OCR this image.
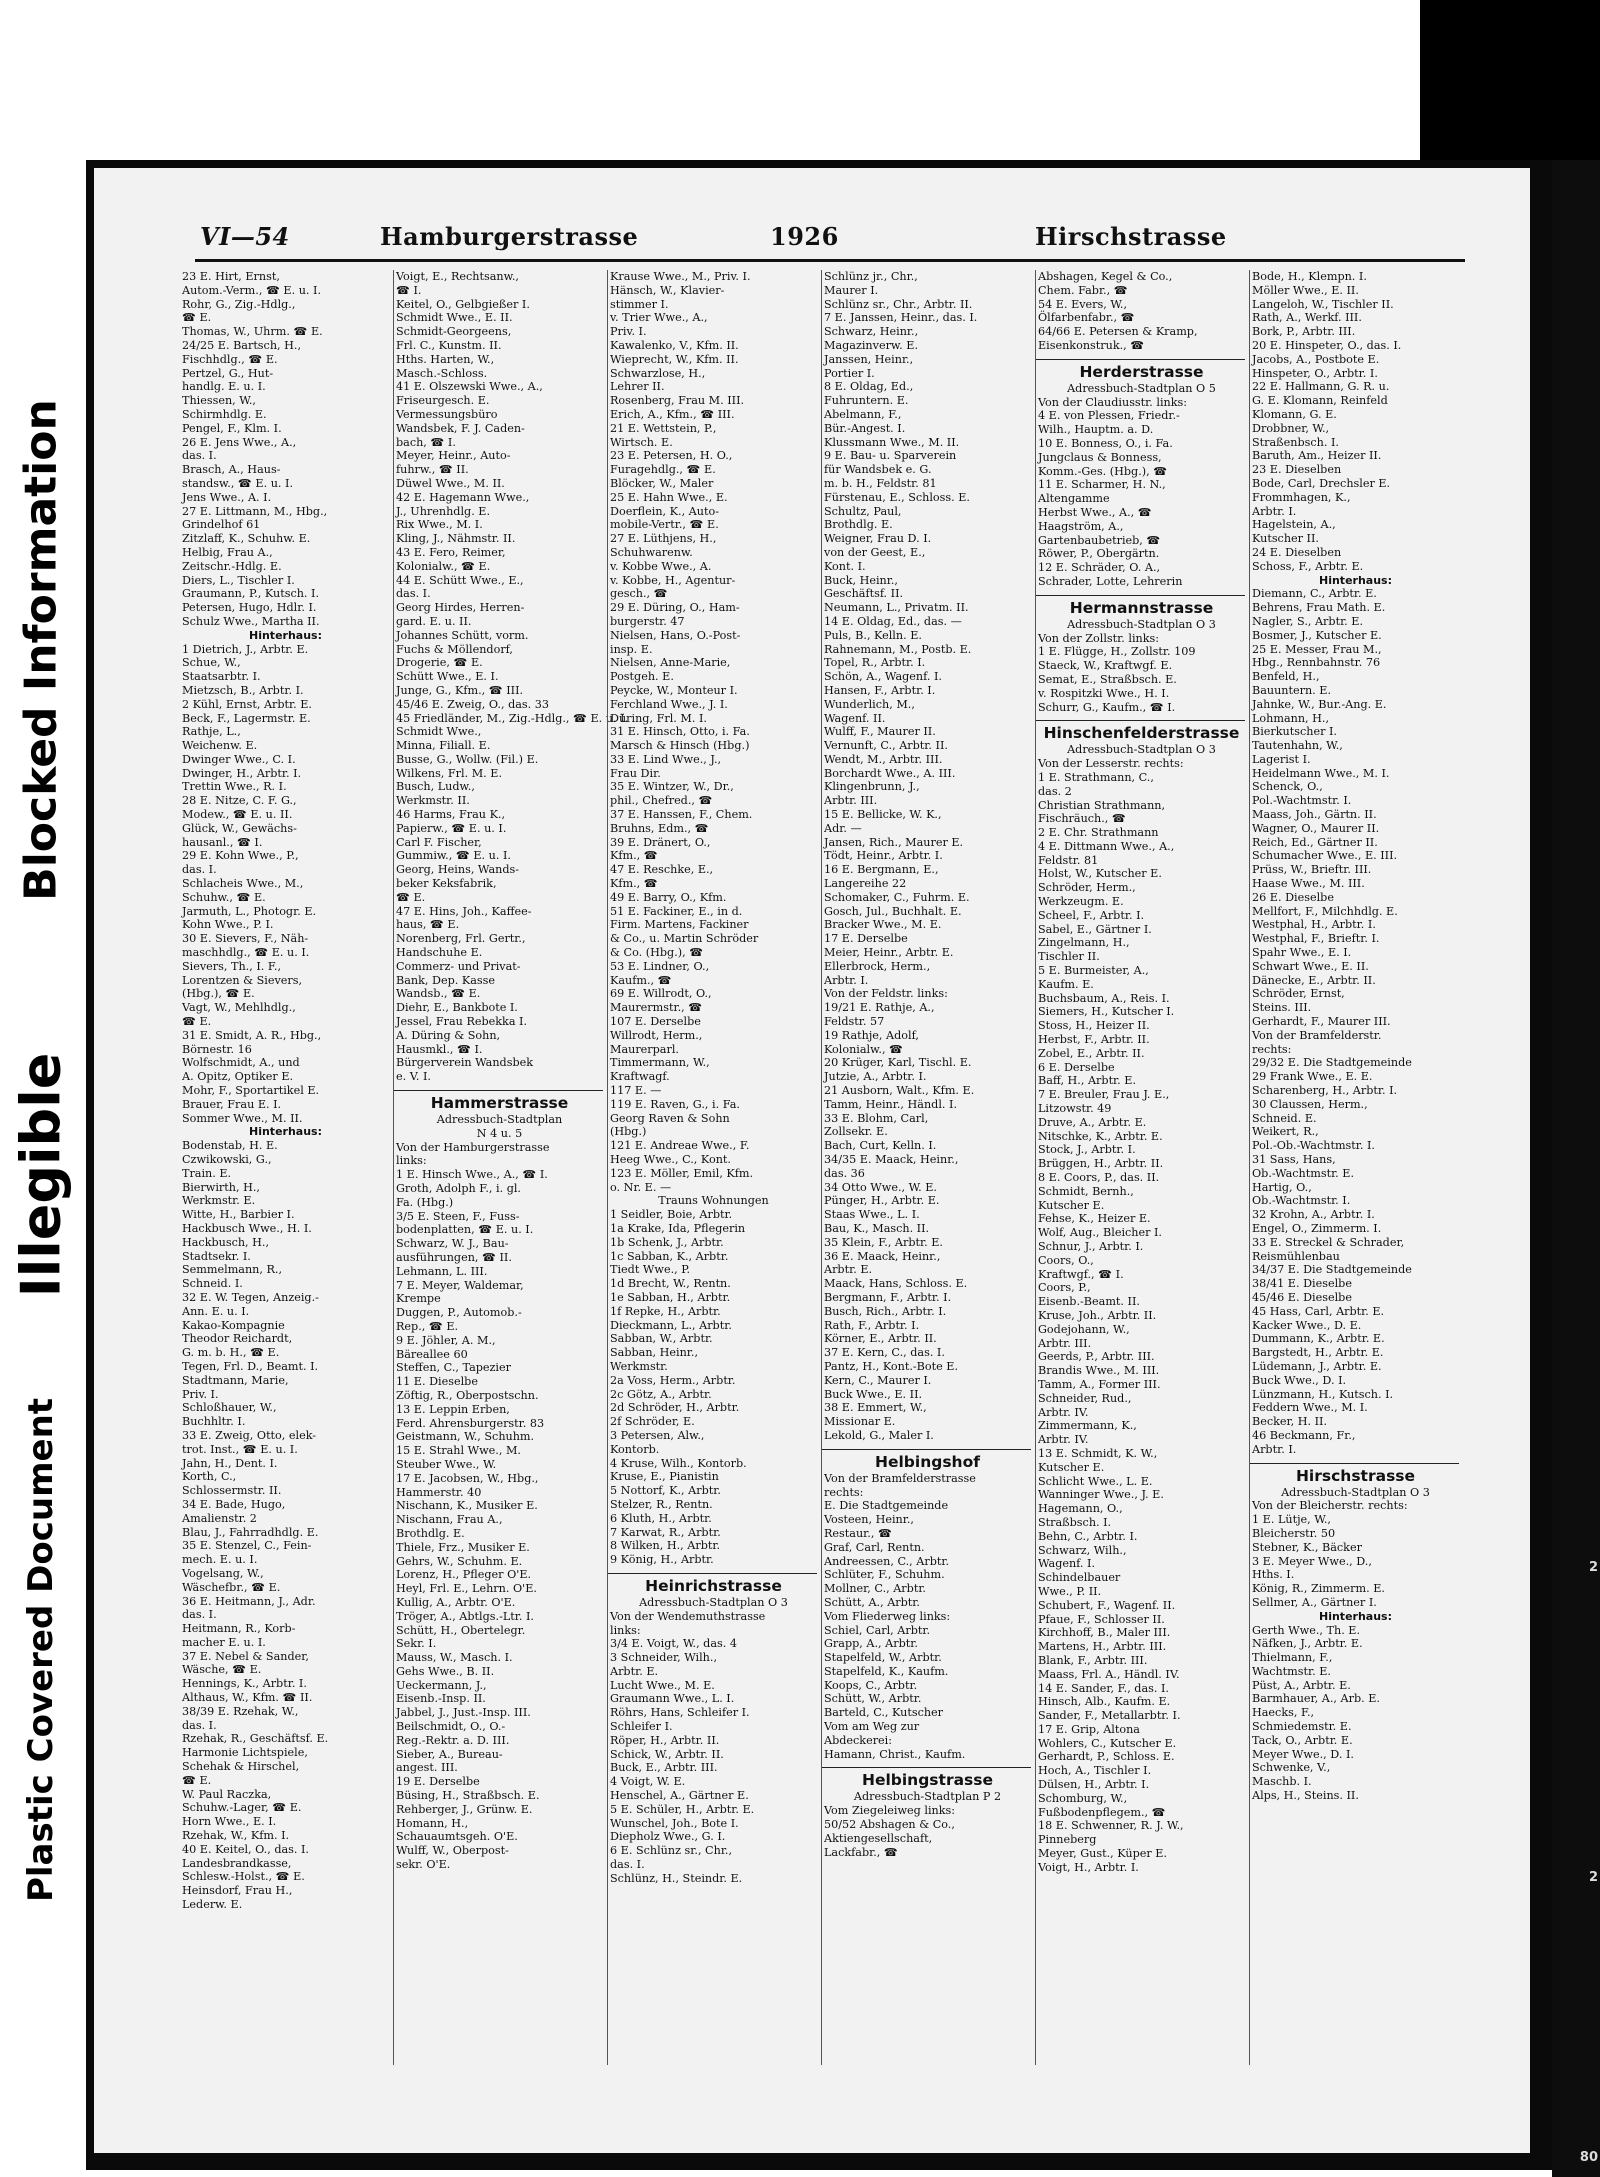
Blocked Information
Illegible
Plastic Covered Document	2
2
80
VI—54	Hamburgerstrasse	1926	Hirschstrasse
23 E. Hirt, Ernst,
Autom.-Verm., ☎ E. u. I.
Rohr, G., Zig.-Hdlg.,
☎ E.
Thomas, W., Uhrm. ☎ E.
24/25 E. Bartsch, H.,
Fischhdlg., ☎ E.
Pertzel, G., Hut-
handlg. E. u. I.
Thiessen, W.,
Schirmhdlg. E.
Pengel, F., Klm. I.
26 E. Jens Wwe., A.,
das. I.
Brasch, A., Haus-
standsw., ☎ E. u. I.
Jens Wwe., A. I.
27 E. Littmann, M., Hbg.,
Grindelhof 61
Zitzlaff, K., Schuhw. E.
Helbig, Frau A.,
Zeitschr.-Hdlg. E.
Diers, L., Tischler I.
Graumann, P., Kutsch. I.
Petersen, Hugo, Hdlr. I.
Schulz Wwe., Martha II.
Hinterhaus:
1 Dietrich, J., Arbtr. E.
Schue, W.,
Staatsarbtr. I.
Mietzsch, B., Arbtr. I.
2 Kühl, Ernst, Arbtr. E.
Beck, F., Lagermstr. E.
Rathje, L.,
Weichenw. E.
Dwinger Wwe., C. I.
Dwinger, H., Arbtr. I.
Trettin Wwe., R. I.
28 E. Nitze, C. F. G.,
Modew., ☎ E. u. II.
Glück, W., Gewächs-
hausanl., ☎ I.
29 E. Kohn Wwe., P.,
das. I.
Schlacheis Wwe., M.,
Schuhw., ☎ E.
Jarmuth, L., Photogr. E.
Kohn Wwe., P. I.
30 E. Sievers, F., Näh-
maschhdlg., ☎ E. u. I.
Sievers, Th., I. F.,
Lorentzen & Sievers,
(Hbg.), ☎ E.
Vagt, W., Mehlhdlg.,
☎ E.
31 E. Smidt, A. R., Hbg.,
Börnestr. 16
Wolfschmidt, A., und
A. Opitz, Optiker E.
Mohr, F., Sportartikel E.
Brauer, Frau E. I.
Sommer Wwe., M. II.
Hinterhaus:
Bodenstab, H. E.
Czwikowski, G.,
Train. E.
Bierwirth, H.,
Werkmstr. E.
Witte, H., Barbier I.
Hackbusch Wwe., H. I.
Hackbusch, H.,
Stadtsekr. I.
Semmelmann, R.,
Schneid. I.
32 E. W. Tegen, Anzeig.-
Ann. E. u. I.
Kakao-Kompagnie
Theodor Reichardt,
G. m. b. H., ☎ E.
Tegen, Frl. D., Beamt. I.
Stadtmann, Marie,
Priv. I.
Schloßhauer, W.,
Buchhltr. I.
33 E. Zweig, Otto, elek-
trot. Inst., ☎ E. u. I.
Jahn, H., Dent. I.
Korth, C.,
Schlossermstr. II.
34 E. Bade, Hugo,
Amalienstr. 2
Blau, J., Fahrradhdlg. E.
35 E. Stenzel, C., Fein-
mech. E. u. I.
Vogelsang, W.,
Wäschefbr., ☎ E.
36 E. Heitmann, J., Adr.
das. I.
Heitmann, R., Korb-
macher E. u. I.
37 E. Nebel & Sander,
Wäsche, ☎ E.
Hennings, K., Arbtr. I.
Althaus, W., Kfm. ☎ II.
38/39 E. Rzehak, W.,
das. I.
Rzehak, R., Geschäftsf. E.
Harmonie Lichtspiele,
Schehak & Hirschel,
☎ E.
W. Paul Raczka,
Schuhw.-Lager, ☎ E.
Horn Wwe., E. I.
Rzehak, W., Kfm. I.
40 E. Keitel, O., das. I.
Landesbrandkasse,
Schlesw.-Holst., ☎ E.
Heinsdorf, Frau H.,
Lederw. E.
Voigt, E., Rechtsanw.,
☎ I.
Keitel, O., Gelbgießer I.
Schmidt Wwe., E. II.
Schmidt-Georgeens,
Frl. C., Kunstm. II.
Hths. Harten, W.,
Masch.-Schloss.
41 E. Olszewski Wwe., A.,
Friseurgesch. E.
Vermessungsbüro
Wandsbek, F. J. Caden-
bach, ☎ I.
Meyer, Heinr., Auto-
fuhrw., ☎ II.
Düwel Wwe., M. II.
42 E. Hagemann Wwe.,
J., Uhrenhdlg. E.
Rix Wwe., M. I.
Kling, J., Nähmstr. II.
43 E. Fero, Reimer,
Kolonialw., ☎ E.
44 E. Schütt Wwe., E.,
das. I.
Georg Hirdes, Herren-
gard. E. u. II.
Johannes Schütt, vorm.
Fuchs & Möllendorf,
Drogerie, ☎ E.
Schütt Wwe., E. I.
Junge, G., Kfm., ☎ III.
45/46 E. Zweig, O., das. 33
45 Friedländer, M., Zig.-Hdlg., ☎ E. u. I.
Schmidt Wwe.,
Minna, Filiall. E.
Busse, G., Wollw. (Fil.) E.
Wilkens, Frl. M. E.
Busch, Ludw.,
Werkmstr. II.
46 Harms, Frau K.,
Papierw., ☎ E. u. I.
Carl F. Fischer,
Gummiw., ☎ E. u. I.
Georg, Heins, Wands-
beker Keksfabrik,
☎ E.
47 E. Hins, Joh., Kaffee-
haus, ☎ E.
Norenberg, Frl. Gertr.,
Handschuhe E.
Commerz- und Privat-
Bank, Dep. Kasse
Wandsb., ☎ E.
Diehr, E., Bankbote I.
Jessel, Frau Rebekka I.
A. Düring & Sohn,
Hausmkl., ☎ I.
Bürgerverein Wandsbek
e. V. I.
Hammerstrasse
Adressbuch-Stadtplan
N 4 u. 5
Von der Hamburgerstrasse
links:
1 E. Hinsch Wwe., A., ☎ I.
Groth, Adolph F., i. gl.
Fa. (Hbg.)
3/5 E. Steen, F., Fuss-
bodenplatten, ☎ E. u. I.
Schwarz, W. J., Bau-
ausführungen, ☎ II.
Lehmann, L. III.
7 E. Meyer, Waldemar,
Krempe
Duggen, P., Automob.-
Rep., ☎ E.
9 E. Jöhler, A. M.,
Bäreallee 60
Steffen, C., Tapezier
11 E. Dieselbe
Zöftig, R., Oberpostschn.
13 E. Leppin Erben,
Ferd. Ahrensburgerstr. 83
Geistmann, W., Schuhm.
15 E. Strahl Wwe., M.
Steuber Wwe., W.
17 E. Jacobsen, W., Hbg.,
Hammerstr. 40
Nischann, K., Musiker E.
Nischann, Frau A.,
Brothdlg. E.
Thiele, Frz., Musiker E.
Gehrs, W., Schuhm. E.
Lorenz, H., Pfleger O'E.
Heyl, Frl. E., Lehrn. O'E.
Kullig, A., Arbtr. O'E.
Tröger, A., Abtlgs.-Ltr. I.
Schütt, H., Obertelegr.
Sekr. I.
Mauss, W., Masch. I.
Gehs Wwe., B. II.
Ueckermann, J.,
Eisenb.-Insp. II.
Jabbel, J., Just.-Insp. III.
Beilschmidt, O., O.-
Reg.-Rektr. a. D. III.
Sieber, A., Bureau-
angest. III.
19 E. Derselbe
Büsing, H., Straßbsch. E.
Rehberger, J., Grünw. E.
Homann, H.,
Schauaumtsgeh. O'E.
Wulff, W., Oberpost-
sekr. O'E.
Krause Wwe., M., Priv. I.
Hänsch, W., Klavier-
stimmer I.
v. Trier Wwe., A.,
Priv. I.
Kawalenko, V., Kfm. II.
Wieprecht, W., Kfm. II.
Schwarzlose, H.,
Lehrer II.
Rosenberg, Frau M. III.
Erich, A., Kfm., ☎ III.
21 E. Wettstein, P.,
Wirtsch. E.
23 E. Petersen, H. O.,
Furagehdlg., ☎ E.
Blöcker, W., Maler
25 E. Hahn Wwe., E.
Doerflein, K., Auto-
mobile-Vertr., ☎ E.
27 E. Lüthjens, H.,
Schuhwarenw.
v. Kobbe Wwe., A.
v. Kobbe, H., Agentur-
gesch., ☎
29 E. Düring, O., Ham-
burgerstr. 47
Nielsen, Hans, O.-Post-
insp. E.
Nielsen, Anne-Marie,
Postgeh. E.
Peycke, W., Monteur I.
Ferchland Wwe., J. I.
Düring, Frl. M. I.
31 E. Hinsch, Otto, i. Fa.
Marsch & Hinsch (Hbg.)
33 E. Lind Wwe., J.,
Frau Dir.
35 E. Wintzer, W., Dr.,
phil., Chefred., ☎
37 E. Hanssen, F., Chem.
Bruhns, Edm., ☎
39 E. Dränert, O.,
Kfm., ☎
47 E. Reschke, E.,
Kfm., ☎
49 E. Barry, O., Kfm.
51 E. Fackiner, E., in d.
Firm. Martens, Fackiner
& Co., u. Martin Schröder
& Co. (Hbg.), ☎
53 E. Lindner, O.,
Kaufm., ☎
69 E. Willrodt, O.,
Maurermstr., ☎
107 E. Derselbe
Willrodt, Herm.,
Maurerparl.
Timmermann, W.,
Kraftwagf.
117 E. —
119 E. Raven, G., i. Fa.
Georg Raven & Sohn
(Hbg.)
121 E. Andreae Wwe., F.
Heeg Wwe., C., Kont.
123 E. Möller, Emil, Kfm.
o. Nr. E. —
Trauns Wohnungen
1 Seidler, Boie, Arbtr.
1a Krake, Ida, Pflegerin
1b Schenk, J., Arbtr.
1c Sabban, K., Arbtr.
Tiedt Wwe., P.
1d Brecht, W., Rentn.
1e Sabban, H., Arbtr.
1f Repke, H., Arbtr.
Dieckmann, L., Arbtr.
Sabban, W., Arbtr.
Sabban, Heinr.,
Werkmstr.
2a Voss, Herm., Arbtr.
2c Götz, A., Arbtr.
2d Schröder, H., Arbtr.
2f Schröder, E.
3 Petersen, Alw.,
Kontorb.
4 Kruse, Wilh., Kontorb.
Kruse, E., Pianistin
5 Nottorf, K., Arbtr.
Stelzer, R., Rentn.
6 Kluth, H., Arbtr.
7 Karwat, R., Arbtr.
8 Wilken, H., Arbtr.
9 König, H., Arbtr.
Heinrichstrasse
Adressbuch-Stadtplan O 3
Von der Wendemuthstrasse
links:
3/4 E. Voigt, W., das. 4
3 Schneider, Wilh.,
Arbtr. E.
Lucht Wwe., M. E.
Graumann Wwe., L. I.
Röhrs, Hans, Schleifer I.
Schleifer I.
Röper, H., Arbtr. II.
Schick, W., Arbtr. II.
Buck, E., Arbtr. III.
4 Voigt, W. E.
Henschel, A., Gärtner E.
5 E. Schüler, H., Arbtr. E.
Wunschel, Joh., Bote I.
Diepholz Wwe., G. I.
6 E. Schlünz sr., Chr.,
das. I.
Schlünz, H., Steindr. E.
Schlünz jr., Chr.,
Maurer I.
Schlünz sr., Chr., Arbtr. II.
7 E. Janssen, Heinr., das. I.
Schwarz, Heinr.,
Magazinverw. E.
Janssen, Heinr.,
Portier I.
8 E. Oldag, Ed.,
Fuhruntern. E.
Abelmann, F.,
Bür.-Angest. I.
Klussmann Wwe., M. II.
9 E. Bau- u. Sparverein
für Wandsbek e. G.
m. b. H., Feldstr. 81
Fürstenau, E., Schloss. E.
Schultz, Paul,
Brothdlg. E.
Weigner, Frau D. I.
von der Geest, E.,
Kont. I.
Buck, Heinr.,
Geschäftsf. II.
Neumann, L., Privatm. II.
14 E. Oldag, Ed., das. —
Puls, B., Kelln. E.
Rahnemann, M., Postb. E.
Topel, R., Arbtr. I.
Schön, A., Wagenf. I.
Hansen, F., Arbtr. I.
Wunderlich, M.,
Wagenf. II.
Wulff, F., Maurer II.
Vernunft, C., Arbtr. II.
Wendt, M., Arbtr. III.
Borchardt Wwe., A. III.
Klingenbrunn, J.,
Arbtr. III.
15 E. Bellicke, W. K.,
Adr. —
Jansen, Rich., Maurer E.
Tödt, Heinr., Arbtr. I.
16 E. Bergmann, E.,
Langereihe 22
Schomaker, C., Fuhrm. E.
Gosch, Jul., Buchhalt. E.
Bracker Wwe., M. E.
17 E. Derselbe
Meier, Heinr., Arbtr. E.
Ellerbrock, Herm.,
Arbtr. I.
Von der Feldstr. links:
19/21 E. Rathje, A.,
Feldstr. 57
19 Rathje, Adolf,
Kolonialw., ☎
20 Krüger, Karl, Tischl. E.
Jutzie, A., Arbtr. I.
21 Ausborn, Walt., Kfm. E.
Tamm, Heinr., Händl. I.
33 E. Blohm, Carl,
Zollsekr. E.
Bach, Curt, Kelln. I.
34/35 E. Maack, Heinr.,
das. 36
34 Otto Wwe., W. E.
Pünger, H., Arbtr. E.
Staas Wwe., L. I.
Bau, K., Masch. II.
35 Klein, F., Arbtr. E.
36 E. Maack, Heinr.,
Arbtr. E.
Maack, Hans, Schloss. E.
Bergmann, F., Arbtr. I.
Busch, Rich., Arbtr. I.
Rath, F., Arbtr. I.
Körner, E., Arbtr. II.
37 E. Kern, C., das. I.
Pantz, H., Kont.-Bote E.
Kern, C., Maurer I.
Buck Wwe., E. II.
38 E. Emmert, W.,
Missionar E.
Lekold, G., Maler I.
Helbingshof
Von der Bramfelderstrasse
rechts:
E. Die Stadtgemeinde
Vosteen, Heinr.,
Restaur., ☎
Graf, Carl, Rentn.
Andreessen, C., Arbtr.
Schlüter, F., Schuhm.
Mollner, C., Arbtr.
Schütt, A., Arbtr.
Vom Fliederweg links:
Schiel, Carl, Arbtr.
Grapp, A., Arbtr.
Stapelfeld, W., Arbtr.
Stapelfeld, K., Kaufm.
Koops, C., Arbtr.
Schütt, W., Arbtr.
Barteld, C., Kutscher
Vom am Weg zur
Abdeckerei:
Hamann, Christ., Kaufm.
Helbingstrasse
Adressbuch-Stadtplan P 2
Vom Ziegeleiweg links:
50/52 Abshagen & Co.,
Aktiengesellschaft,
Lackfabr., ☎
Abshagen, Kegel & Co.,
Chem. Fabr., ☎
54 E. Evers, W.,
Ölfarbenfabr., ☎
64/66 E. Petersen & Kramp,
Eisenkonstruk., ☎
Herderstrasse
Adressbuch-Stadtplan O 5
Von der Claudiusstr. links:
4 E. von Plessen, Friedr.-
Wilh., Hauptm. a. D.
10 E. Bonness, O., i. Fa.
Jungclaus & Bonness,
Komm.-Ges. (Hbg.), ☎
11 E. Scharmer, H. N.,
Altengamme
Herbst Wwe., A., ☎
Haagström, A.,
Gartenbaubetrieb, ☎
Röwer, P., Obergärtn.
12 E. Schräder, O. A.,
Schrader, Lotte, Lehrerin
Hermannstrasse
Adressbuch-Stadtplan O 3
Von der Zollstr. links:
1 E. Flügge, H., Zollstr. 109
Staeck, W., Kraftwgf. E.
Semat, E., Straßbsch. E.
v. Rospitzki Wwe., H. I.
Schurr, G., Kaufm., ☎ I.
Hinschenfelderstrasse
Adressbuch-Stadtplan O 3
Von der Lesserstr. rechts:
1 E. Strathmann, C.,
das. 2
Christian Strathmann,
Fischräuch., ☎
2 E. Chr. Strathmann
4 E. Dittmann Wwe., A.,
Feldstr. 81
Holst, W., Kutscher E.
Schröder, Herm.,
Werkzeugm. E.
Scheel, F., Arbtr. I.
Sabel, E., Gärtner I.
Zingelmann, H.,
Tischler II.
5 E. Burmeister, A.,
Kaufm. E.
Buchsbaum, A., Reis. I.
Siemers, H., Kutscher I.
Stoss, H., Heizer II.
Herbst, F., Arbtr. II.
Zobel, E., Arbtr. II.
6 E. Derselbe
Baff, H., Arbtr. E.
7 E. Breuler, Frau J. E.,
Litzowstr. 49
Druve, A., Arbtr. E.
Nitschke, K., Arbtr. E.
Stock, J., Arbtr. I.
Brüggen, H., Arbtr. II.
8 E. Coors, P., das. II.
Schmidt, Bernh.,
Kutscher E.
Fehse, K., Heizer E.
Wolf, Aug., Bleicher I.
Schnur, J., Arbtr. I.
Coors, O.,
Kraftwgf., ☎ I.
Coors, P.,
Eisenb.-Beamt. II.
Kruse, Joh., Arbtr. II.
Godejohann, W.,
Arbtr. III.
Geerds, P., Arbtr. III.
Brandis Wwe., M. III.
Tamm, A., Former III.
Schneider, Rud.,
Arbtr. IV.
Zimmermann, K.,
Arbtr. IV.
13 E. Schmidt, K. W.,
Kutscher E.
Schlicht Wwe., L. E.
Wanninger Wwe., J. E.
Hagemann, O.,
Straßbsch. I.
Behn, C., Arbtr. I.
Schwarz, Wilh.,
Wagenf. I.
Schindelbauer
Wwe., P. II.
Schubert, F., Wagenf. II.
Pfaue, F., Schlosser II.
Kirchhoff, B., Maler III.
Martens, H., Arbtr. III.
Blank, F., Arbtr. III.
Maass, Frl. A., Händl. IV.
14 E. Sander, F., das. I.
Hinsch, Alb., Kaufm. E.
Sander, F., Metallarbtr. I.
17 E. Grip, Altona
Wohlers, C., Kutscher E.
Gerhardt, P., Schloss. E.
Hoch, A., Tischler I.
Dülsen, H., Arbtr. I.
Schomburg, W.,
Fußbodenpflegem., ☎
18 E. Schwenner, R. J. W.,
Pinneberg
Meyer, Gust., Küper E.
Voigt, H., Arbtr. I.
Bode, H., Klempn. I.
Möller Wwe., E. II.
Langeloh, W., Tischler II.
Rath, A., Werkf. III.
Bork, P., Arbtr. III.
20 E. Hinspeter, O., das. I.
Jacobs, A., Postbote E.
Hinspeter, O., Arbtr. I.
22 E. Hallmann, G. R. u.
G. E. Klomann, Reinfeld
Klomann, G. E.
Drobbner, W.,
Straßenbsch. I.
Baruth, Am., Heizer II.
23 E. Dieselben
Bode, Carl, Drechsler E.
Frommhagen, K.,
Arbtr. I.
Hagelstein, A.,
Kutscher II.
24 E. Dieselben
Schoss, F., Arbtr. E.
Hinterhaus:
Diemann, C., Arbtr. E.
Behrens, Frau Math. E.
Nagler, S., Arbtr. E.
Bosmer, J., Kutscher E.
25 E. Messer, Frau M.,
Hbg., Rennbahnstr. 76
Benfeld, H.,
Bauuntern. E.
Jahnke, W., Bur.-Ang. E.
Lohmann, H.,
Bierkutscher I.
Tautenhahn, W.,
Lagerist I.
Heidelmann Wwe., M. I.
Schenck, O.,
Pol.-Wachtmstr. I.
Maass, Joh., Gärtn. II.
Wagner, O., Maurer II.
Reich, Ed., Gärtner II.
Schumacher Wwe., E. III.
Prüss, W., Brieftr. III.
Haase Wwe., M. III.
26 E. Dieselbe
Mellfort, F., Milchhdlg. E.
Westphal, H., Arbtr. I.
Westphal, F., Brieftr. I.
Spahr Wwe., E. I.
Schwart Wwe., E. II.
Dänecke, E., Arbtr. II.
Schröder, Ernst,
Steins. III.
Gerhardt, F., Maurer III.
Von der Bramfelderstr.
rechts:
29/32 E. Die Stadtgemeinde
29 Frank Wwe., E. E.
Scharenberg, H., Arbtr. I.
30 Claussen, Herm.,
Schneid. E.
Weikert, R.,
Pol.-Ob.-Wachtmstr. I.
31 Sass, Hans,
Ob.-Wachtmstr. E.
Hartig, O.,
Ob.-Wachtmstr. I.
32 Krohn, A., Arbtr. I.
Engel, O., Zimmerm. I.
33 E. Streckel & Schrader,
Reismühlenbau
34/37 E. Die Stadtgemeinde
38/41 E. Dieselbe
45/46 E. Dieselbe
45 Hass, Carl, Arbtr. E.
Kacker Wwe., D. E.
Dummann, K., Arbtr. E.
Bargstedt, H., Arbtr. E.
Lüdemann, J., Arbtr. E.
Buck Wwe., D. I.
Lünzmann, H., Kutsch. I.
Feddern Wwe., M. I.
Becker, H. II.
46 Beckmann, Fr.,
Arbtr. I.
Hirschstrasse
Adressbuch-Stadtplan O 3
Von der Bleicherstr. rechts:
1 E. Lütje, W.,
Bleicherstr. 50
Stebner, K., Bäcker
3 E. Meyer Wwe., D.,
Hths. I.
König, R., Zimmerm. E.
Sellmer, A., Gärtner I.
Hinterhaus:
Gerth Wwe., Th. E.
Näfken, J., Arbtr. E.
Thielmann, F.,
Wachtmstr. E.
Püst, A., Arbtr. E.
Barmhauer, A., Arb. E.
Haecks, F.,
Schmiedemstr. E.
Tack, O., Arbtr. E.
Meyer Wwe., D. I.
Schwenke, V.,
Maschb. I.
Alps, H., Steins. II.
